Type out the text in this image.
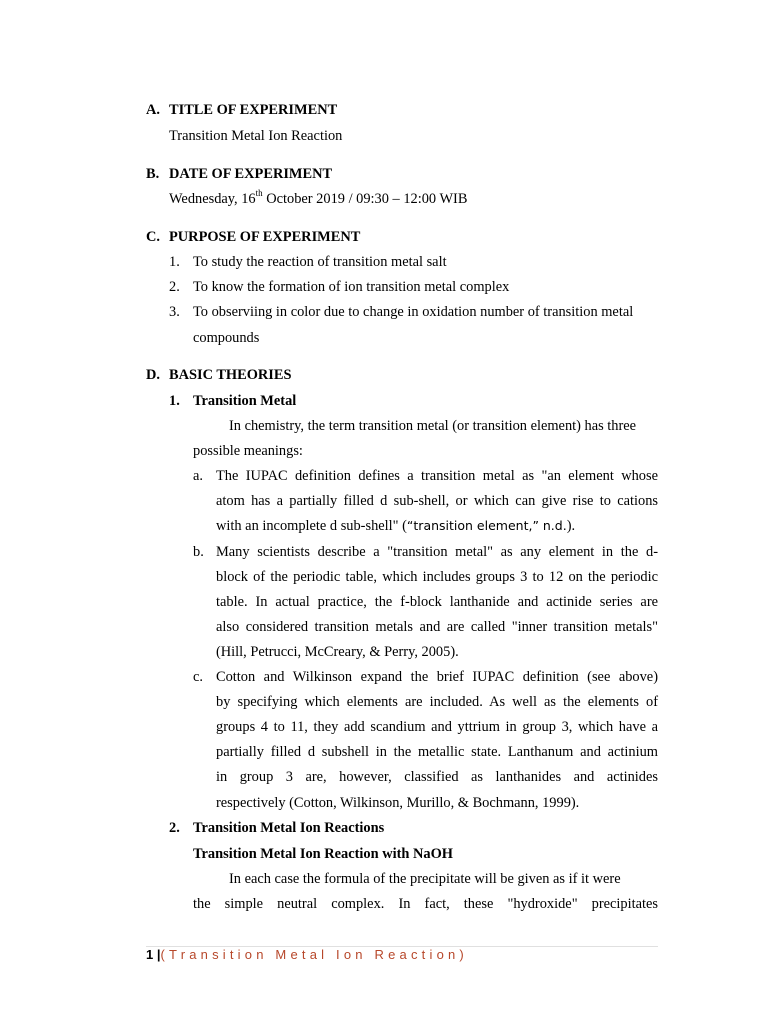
A. TITLE OF EXPERIMENT
Transition Metal Ion Reaction
B. DATE OF EXPERIMENT
Wednesday, 16th October 2019 / 09:30 – 12:00 WIB
C. PURPOSE OF EXPERIMENT
1. To study the reaction of transition metal salt
2. To know the formation of ion transition metal complex
3. To observiing in color due to change in oxidation number of transition metal
compounds
D. BASIC THEORIES
1. Transition Metal
In chemistry, the term transition metal (or transition element) has three
possible meanings:
a. The IUPAC definition defines a transition metal as "an element whose
atom has a partially filled d sub-shell, or which can give rise to cations
with an incomplete d sub-shell" (“transition element,” n.d.).
b. Many scientists describe a "transition metal" as any element in the d-
block of the periodic table, which includes groups 3 to 12 on the periodic
table. In actual practice, the f-block lanthanide and actinide series are
also considered transition metals and are called "inner transition metals"
(Hill, Petrucci, McCreary, & Perry, 2005).
c. Cotton and Wilkinson expand the brief IUPAC definition (see above)
by specifying which elements are included. As well as the elements of
groups 4 to 11, they add scandium and yttrium in group 3, which have a
partially filled d subshell in the metallic state. Lanthanum and actinium
in group 3 are, however, classified as lanthanides and actinides
respectively (Cotton, Wilkinson, Murillo, & Bochmann, 1999).
2. Transition Metal Ion Reactions
Transition Metal Ion Reaction with NaOH
In each case the formula of the precipitate will be given as if it were
the simple neutral complex. In fact, these "hydroxide" precipitates
1 |(Transition Metal Ion Reaction)
